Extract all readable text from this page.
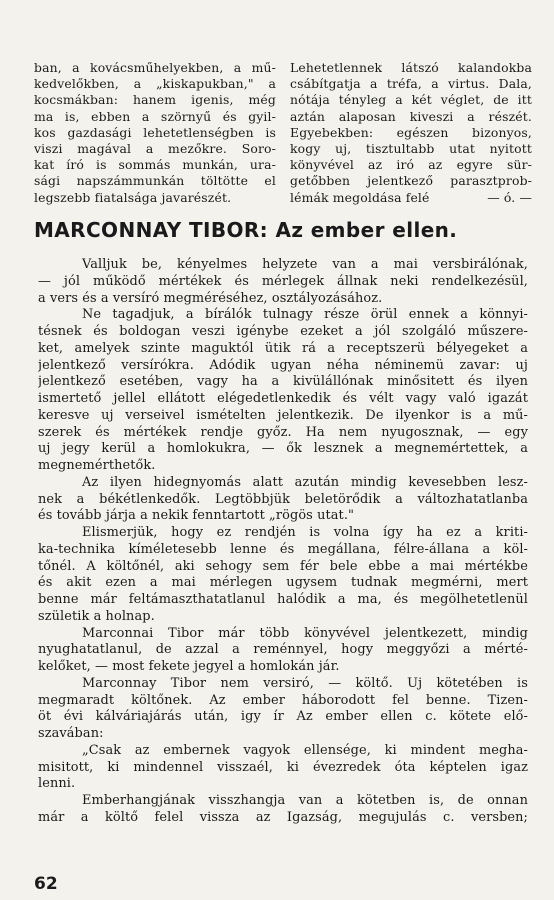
ban, a kovácsműhelyekben, a mű-
kedvelőkben, a „kiskapukban," a
kocsmákban: hanem igenis, még
ma is, ebben a szörnyű és gyil-
kos gazdasági lehetetlenségben is
viszi magával a mezőkre. Soro-
kat író is sommás munkán, ura-
sági napszámmunkán töltötte el
legszebb fiatalsága javarészét.
Lehetetlennek látszó kalandokba
csábítgatja a tréfa, a virtus. Dala,
nótája tényleg a két véglet, de itt
aztán alaposan kiveszi a részét.
Egyebekben: egészen bizonyos,
kogy uj, tisztultabb utat nyitott
könyvével az iró az egyre sür-
getőbben jelentkező parasztprob-
lémák megoldása felé	— ó. —
MARCONNAY TIBOR: Az ember ellen.
Valljuk be, kényelmes helyzete van a mai versbirálónak,
— jól működő mértékek és mérlegek állnak neki rendelkezésül,
a vers és a versíró megméréséhez, osztályozásához.
Ne tagadjuk, a bírálók tulnagy része örül ennek a könnyi-
tésnek és boldogan veszi igénybe ezeket a jól szolgáló műszere-
ket, amelyek szinte maguktól ütik rá a receptszerü bélyegeket a
jelentkező versírókra. Adódik ugyan néha néminemü zavar: uj
jelentkező esetében, vagy ha a kivülállónak minősitett és ilyen
ismertető jellel ellátott elégedetlenkedik és vélt vagy való igazát
keresve uj verseivel ismételten jelentkezik. De ilyenkor is a mű-
szerek és mértékek rendje győz. Ha nem nyugosznak, — egy
uj jegy kerül a homlokukra, — ők lesznek a megnemértettek, a
megnemérthetők.
Az ilyen hidegnyomás alatt azután mindig kevesebben lesz-
nek a békétlenkedők. Legtöbbjük beletörődik a változhatatlanba
és tovább járja a nekik fenntartott „rögös utat."
Elismerjük, hogy ez rendjén is volna így ha ez a kriti-
ka-technika kíméletesebb lenne és megállana, félre-állana a köl-
tőnél. A költőnél, aki sehogy sem fér bele ebbe a mai mértékbe
és akit ezen a mai mérlegen ugysem tudnak megmérni, mert
benne már feltámaszthatatlanul halódik a ma, és megölhetetlenül
születik a holnap.
Marconnai Tibor már több könyvével jelentkezett, mindig
nyughatatlanul, de azzal a reménnyel, hogy meggyőzi a mérté-
kelőket, — most fekete jegyel a homlokán jár.
Marconnay Tibor nem versiró, — költő. Uj kötetében is
megmaradt költőnek. Az ember háborodott fel benne. Tizen-
öt évi kálváriajárás után, igy ír Az ember ellen c. kötete elő-
szavában:
„Csak az embernek vagyok ellensége, ki mindent megha-
misitott, ki mindennel visszaél, ki évezredek óta képtelen igaz
lenni.
Emberhangjának visszhangja van a kötetben is, de onnan
már a költő felel vissza az Igazság, megujulás c. versben;
62
